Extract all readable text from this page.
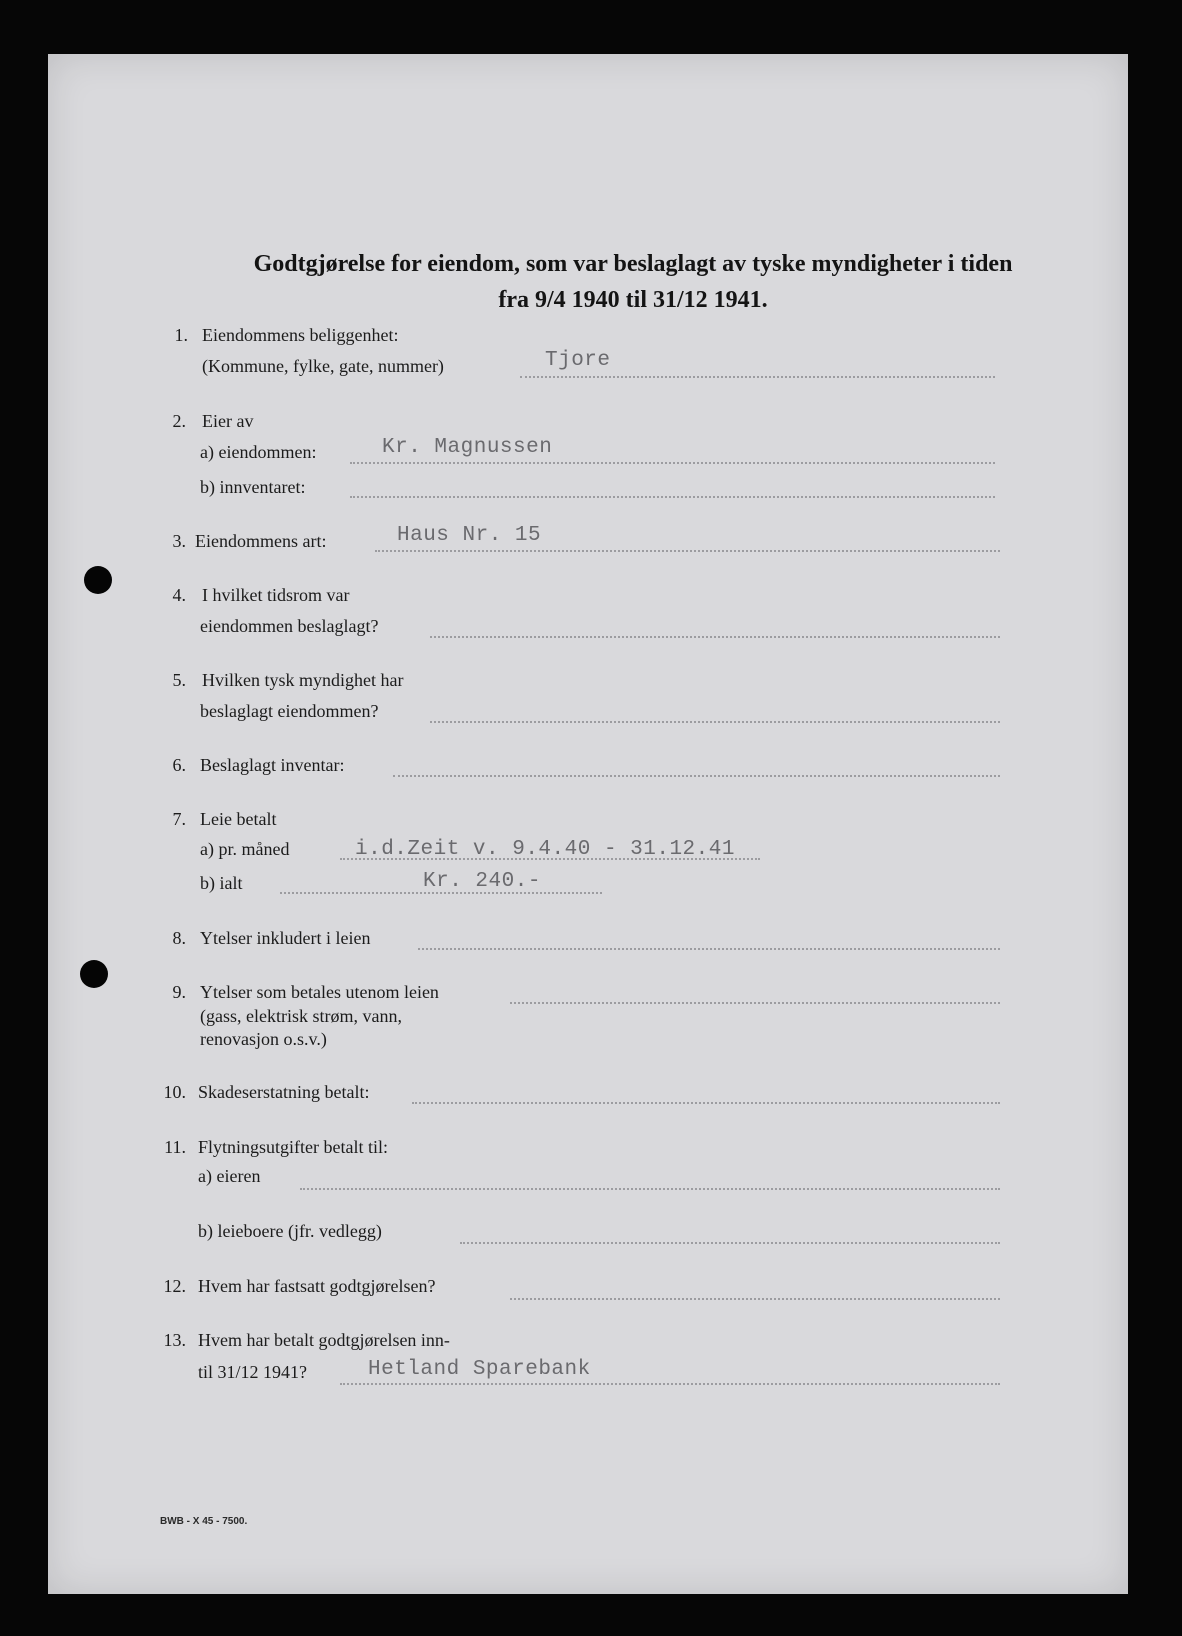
Godtgjørelse for eiendom, som var beslaglagt av tyske myndigheter i tiden fra 9/4 1940 til 31/12 1941.
1. Eiendommens beliggenhet:
(Kommune, fylke, gate, nummer)	Tjore
2. Eier av
a) eiendommen:	Kr. Magnussen
b) innventaret:
3. Eiendommens art:	Haus Nr. 15
4. I hvilket tidsrom var
eiendommen beslaglagt?
5. Hvilken tysk myndighet har
beslaglagt eiendommen?
6. Beslaglagt inventar:
7. Leie betalt
a) pr. måned	i.d.Zeit v. 9.4.40 - 31.12.41
b) ialt	Kr. 240.-
8. Ytelser inkludert i leien
9. Ytelser som betales utenom leien
(gass, elektrisk strøm, vann,
renovasjon o.s.v.)
10. Skadeserstatning betalt:
11. Flytningsutgifter betalt til:
a) eieren
b) leieboere (jfr. vedlegg)
12. Hvem har fastsatt godtgjørelsen?
13. Hvem har betalt godtgjørelsen inn-
til 31/12 1941?	Hetland Sparebank
BWB - X 45 - 7500.
